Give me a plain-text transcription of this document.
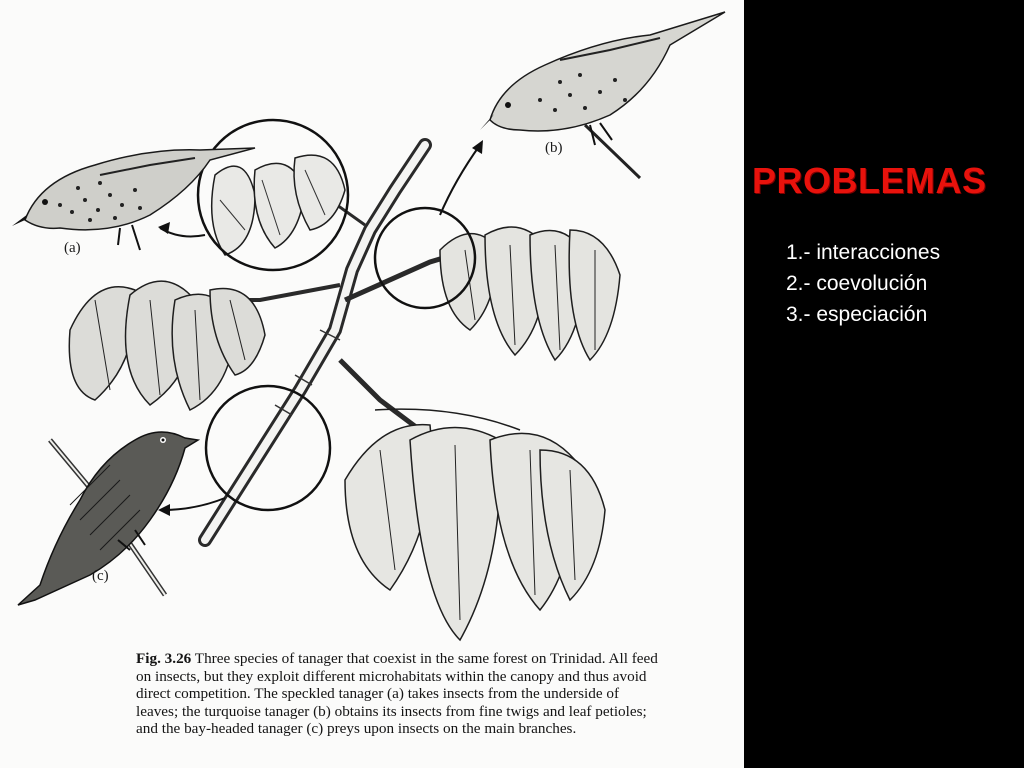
(a)
(b)
(c)

Fig. 3.26 Three species of tanager that coexist in the same forest on Trinidad. All feed
on insects, but they exploit different microhabitats within the canopy and thus avoid
direct competition. The speckled tanager (a) takes insects from the underside of
leaves; the turquoise tanager (b) obtains its insects from fine twigs and leaf petioles;
and the bay-headed tanager (c) preys upon insects on the main branches.

PROBLEMAS
1.- interacciones
2.- coevolución
3.- especiación
